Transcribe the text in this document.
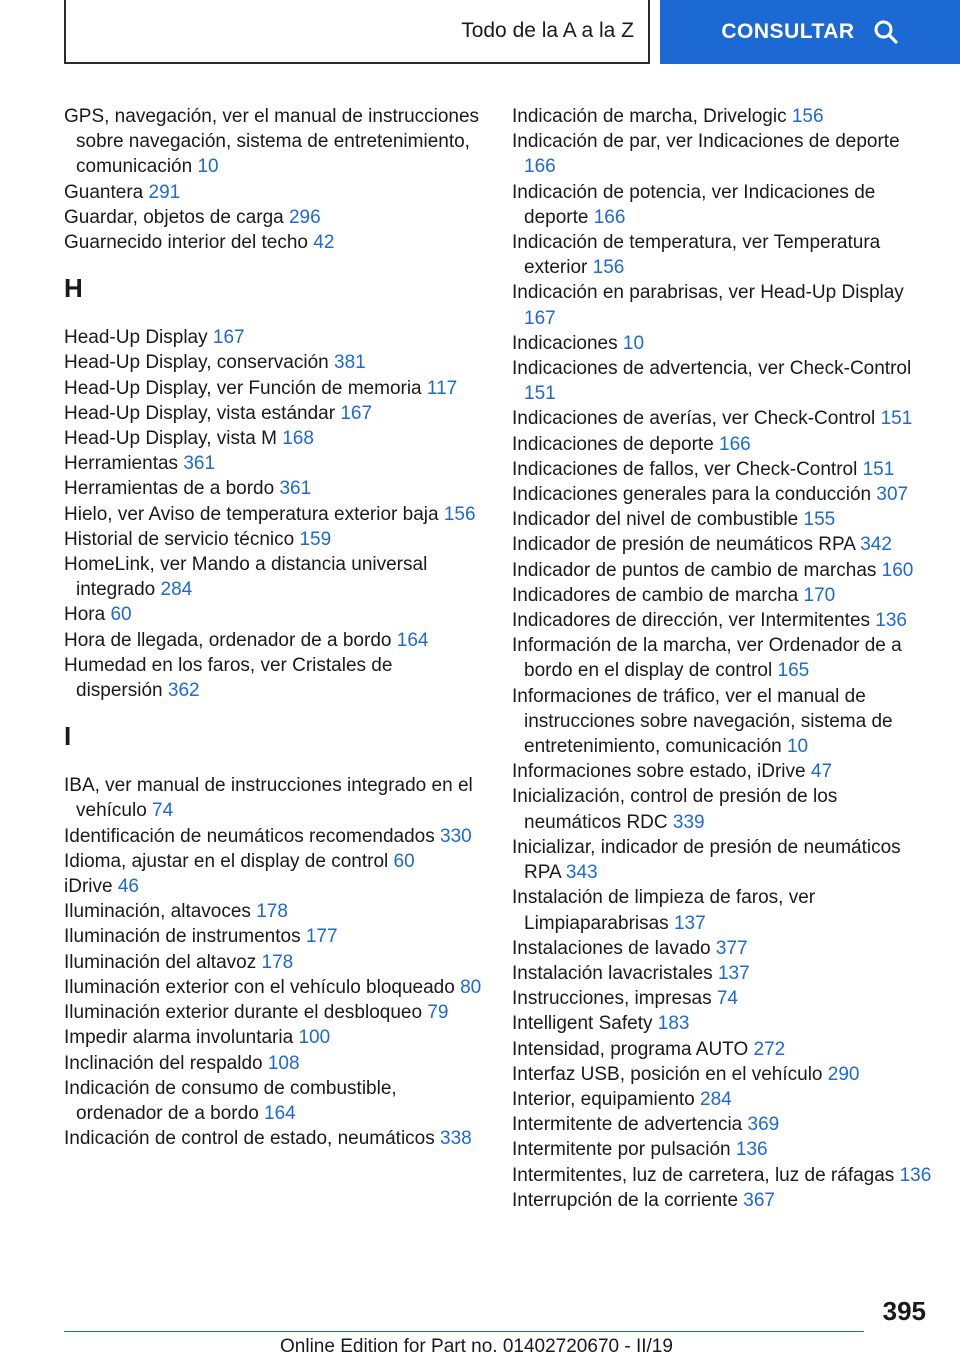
Todo de la A a la Z	CONSULTAR
GPS, navegación, ver el manual de instrucciones sobre navegación, sistema de entretenimiento, comunicación 10
Guantera 291
Guardar, objetos de carga 296
Guarnecido interior del techo 42
H
Head-Up Display 167
Head-Up Display, conservación 381
Head-Up Display, ver Función de memoria 117
Head-Up Display, vista estándar 167
Head-Up Display, vista M 168
Herramientas 361
Herramientas de a bordo 361
Hielo, ver Aviso de temperatura exterior baja 156
Historial de servicio técnico 159
HomeLink, ver Mando a distancia universal integrado 284
Hora 60
Hora de llegada, ordenador de a bordo 164
Humedad en los faros, ver Cristales de dispersión 362
I
IBA, ver manual de instrucciones integrado en el vehículo 74
Identificación de neumáticos recomendados 330
Idioma, ajustar en el display de control 60
iDrive 46
Iluminación, altavoces 178
Iluminación de instrumentos 177
Iluminación del altavoz 178
Iluminación exterior con el vehículo bloqueado 80
Iluminación exterior durante el desbloqueo 79
Impedir alarma involuntaria 100
Inclinación del respaldo 108
Indicación de consumo de combustible, ordenador de a bordo 164
Indicación de control de estado, neumáticos 338
Indicación de marcha, Drivelogic 156
Indicación de par, ver Indicaciones de deporte 166
Indicación de potencia, ver Indicaciones de deporte 166
Indicación de temperatura, ver Temperatura exterior 156
Indicación en parabrisas, ver Head-Up Display 167
Indicaciones 10
Indicaciones de advertencia, ver Check-Control 151
Indicaciones de averías, ver Check-Control 151
Indicaciones de deporte 166
Indicaciones de fallos, ver Check-Control 151
Indicaciones generales para la conducción 307
Indicador del nivel de combustible 155
Indicador de presión de neumáticos RPA 342
Indicador de puntos de cambio de marchas 160
Indicadores de cambio de marcha 170
Indicadores de dirección, ver Intermitentes 136
Información de la marcha, ver Ordenador de a bordo en el display de control 165
Informaciones de tráfico, ver el manual de instrucciones sobre navegación, sistema de entretenimiento, comunicación 10
Informaciones sobre estado, iDrive 47
Inicialización, control de presión de los neumáticos RDC 339
Inicializar, indicador de presión de neumáticos RPA 343
Instalación de limpieza de faros, ver Limpiaparabrisas 137
Instalaciones de lavado 377
Instalación lavacristales 137
Instrucciones, impresas 74
Intelligent Safety 183
Intensidad, programa AUTO 272
Interfaz USB, posición en el vehículo 290
Interior, equipamiento 284
Intermitente de advertencia 369
Intermitente por pulsación 136
Intermitentes, luz de carretera, luz de ráfagas 136
Interrupción de la corriente 367
395
Online Edition for Part no. 01402720670 - II/19
